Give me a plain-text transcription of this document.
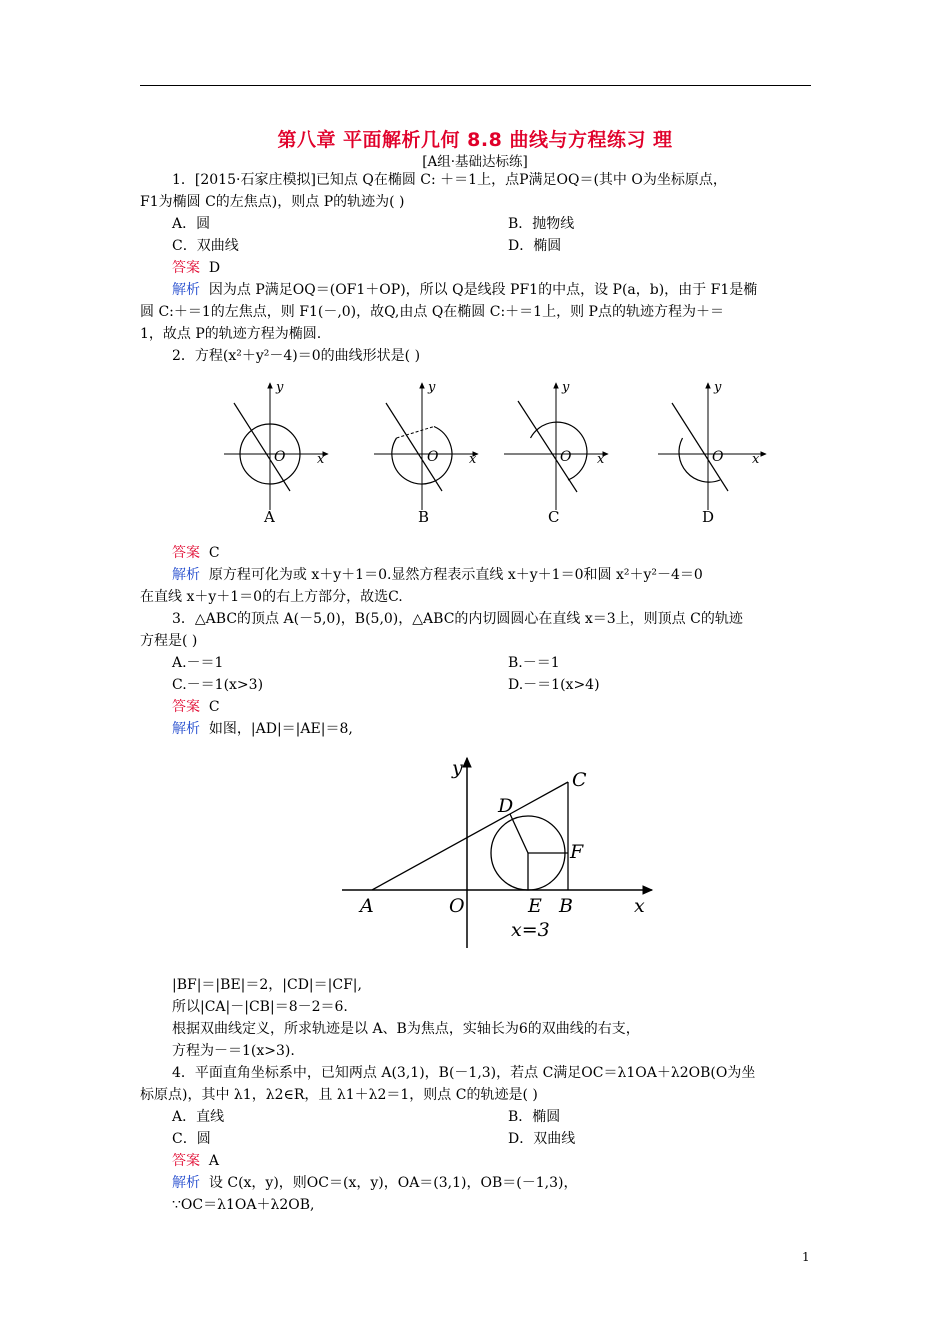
第八章 平面解析几何 8.8 曲线与方程练习 理
[A组·基础达标练]
1．[2015·石家庄模拟]已知点 Q在椭圆 C: ＋＝1上，点P满足OQ＝(其中 O为坐标原点，
F1为椭圆 C的左焦点)，则点 P的轨迹为( )
A．圆	B．抛物线
C．双曲线	D．椭圆
答案 D
解析 因为点 P满足OQ＝(OF1＋OP)，所以 Q是线段 PF1的中点，设 P(a，b)，由于 F1是椭
圆 C:＋＝1的左焦点，则 F1(－,0)，故Q,由点 Q在椭圆 C:＋＝1上，则 P点的轨迹方程为＋＝
1，故点 P的轨迹方程为椭圆.
2．方程(x²＋y²－4)＝0的曲线形状是( )
O x
y
A
O x
y
B
O x
y
C
O x
y
D
答案 C
解析 原方程可化为或 x＋y＋1＝0.显然方程表示直线 x＋y＋1＝0和圆 x²＋y²－4＝0
在直线 x＋y＋1＝0的右上方部分，故选C.
3．△ABC的顶点 A(－5,0)，B(5,0)，△ABC的内切圆圆心在直线 x＝3上，则顶点 C的轨迹
方程是( )
A.－＝1	B.－＝1
C.－＝1(x>3)	D.－＝1(x>4)
答案 C
解析 如图，|AD|＝|AE|＝8,
y
C
D
F
A	O	E B	x
x=3
|BF|＝|BE|＝2，|CD|＝|CF|,
所以|CA|－|CB|＝8－2＝6.
根据双曲线定义，所求轨迹是以 A、B为焦点，实轴长为6的双曲线的右支，
方程为－＝1(x>3).
4．平面直角坐标系中，已知两点 A(3,1)，B(－1,3)，若点 C满足OC＝λ1OA＋λ2OB(O为坐
标原点)，其中 λ1，λ2∈R，且 λ1＋λ2＝1，则点 C的轨迹是( )
A．直线	B．椭圆
C．圆	D．双曲线
答案 A
解析 设 C(x，y)，则OC＝(x，y)，OA＝(3,1)，OB＝(－1,3)，
∵OC＝λ1OA＋λ2OB,
1
